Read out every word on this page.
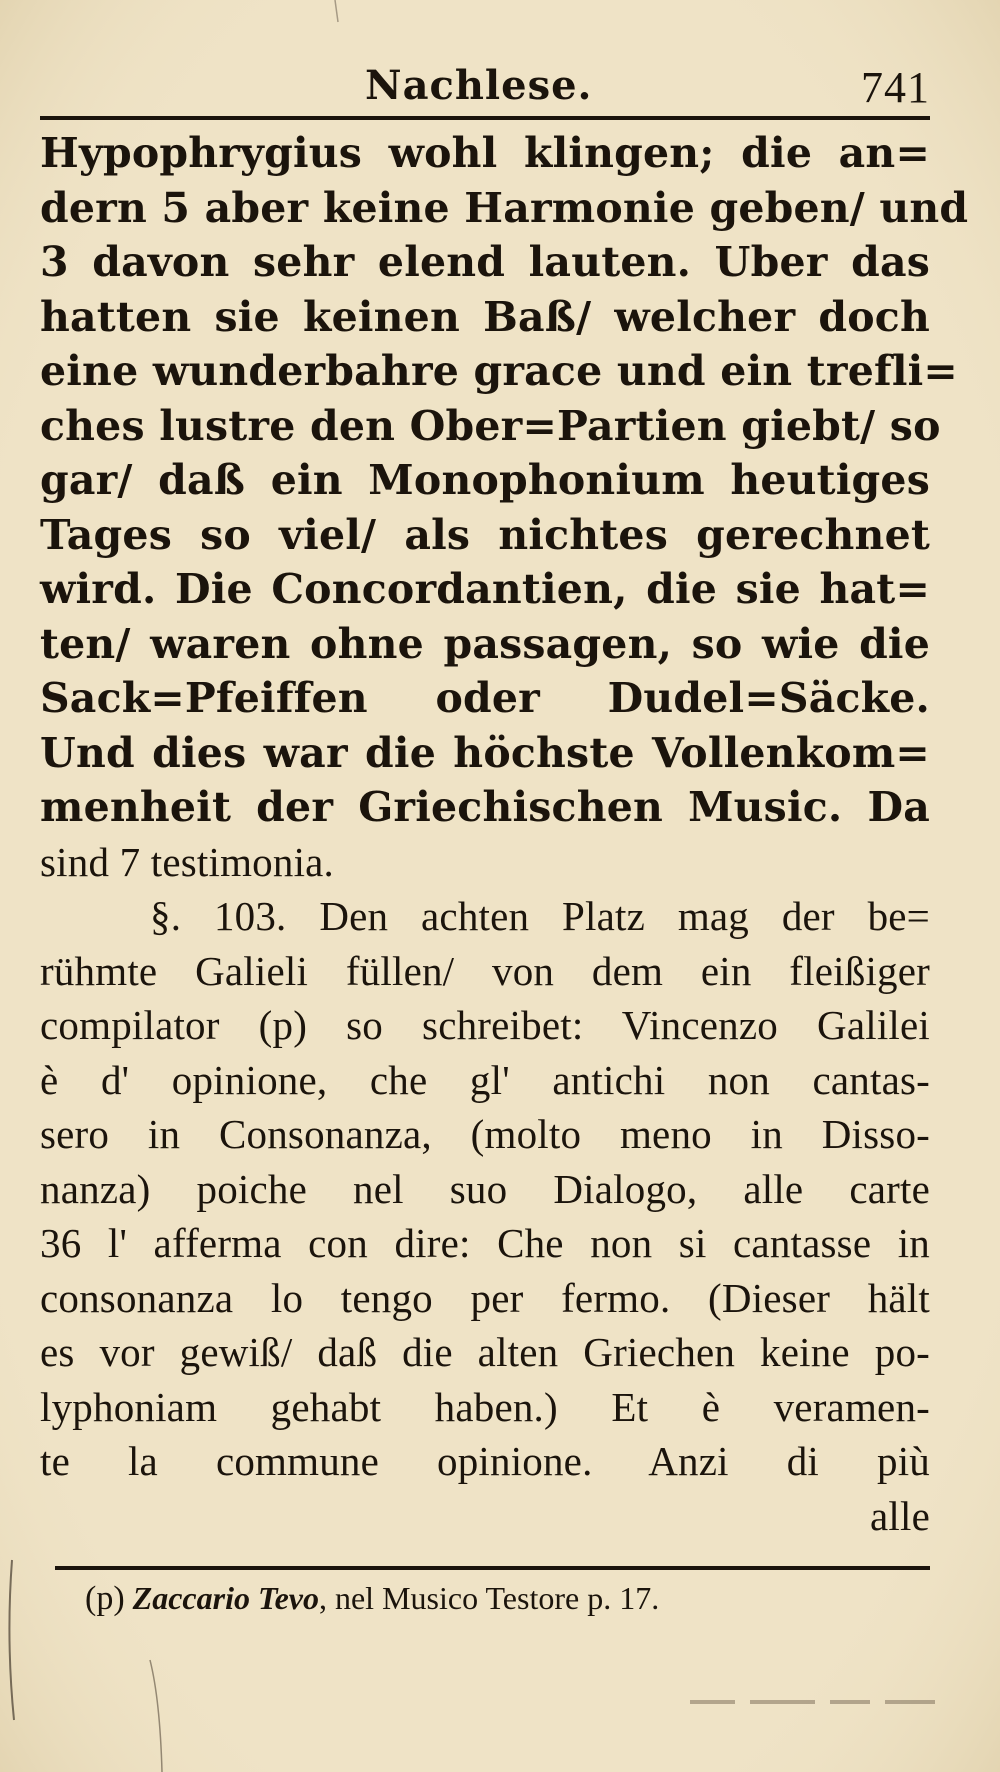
Nachlese.	741
Hypophrygius wohl klingen; die an=
dern 5 aber keine Harmonie geben/ und
3 davon sehr elend lauten. Uber das
hatten sie keinen Baß/ welcher doch
eine wunderbahre grace und ein trefli=
ches lustre den Ober=Partien giebt/ so
gar/ daß ein Monophonium heutiges
Tages so viel/ als nichtes gerechnet
wird. Die Concordantien, die sie hat=
ten/ waren ohne passagen, so wie die
Sack=Pfeiffen oder Dudel=Säcke.
Und dies war die höchste Vollenkom=
menheit der Griechischen Music. Da
sind 7 testimonia.
§. 103. Den achten Platz mag der be=
rühmte Galieli füllen/ von dem ein fleißiger
compilator (p) so schreibet: Vincenzo Galilei
è d' opinione, che gl' antichi non cantas-
sero in Consonanza, (molto meno in Disso-
nanza) poiche nel suo Dialogo, alle carte
36 l' afferma con dire: Che non si cantasse in
consonanza lo tengo per fermo. (Dieser hält
es vor gewiß/ daß die alten Griechen keine po-
lyphoniam gehabt haben.) Et è veramen-
te la commune opinione. Anzi di più
alle
(p) Zaccario Tevo, nel Musico Testore p. 17.
